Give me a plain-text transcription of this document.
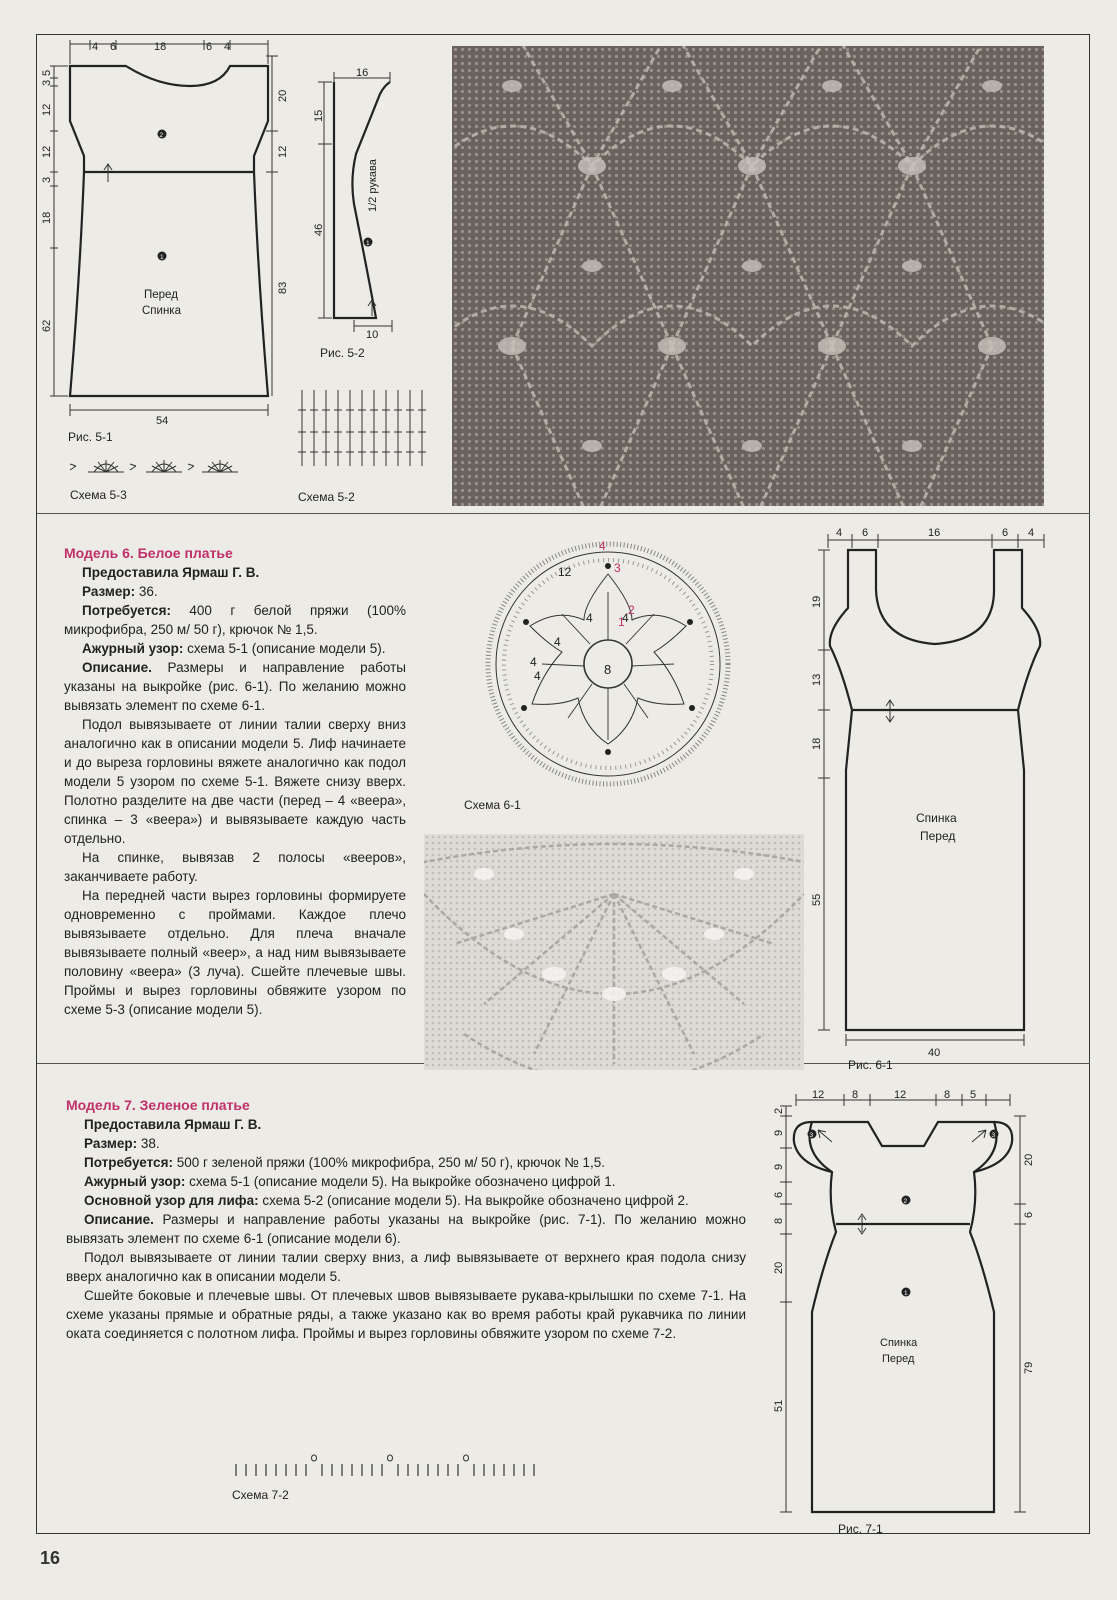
4 6	18	6 4
54
5
3
12
12
3
18
62
20
12
83
Перед
Спинка
2
1
Рис. 5-1
Схема 5-3
16
15
46
10
1/2 рукава
1
Рис. 5-2
Схема 5-2
Модель 6. Белое платье

Предоставила Ярмаш Г. В.

Размер: 36.

Потребуется: 400 г белой пряжи (100% микрофибра, 250 м/ 50 г), крючок № 1,5.

Ажурный узор: схема 5-1 (описание модели 5).

Описание. Размеры и направление работы указаны на выкройке (рис. 6-1). По желанию можно вывязать элемент по схеме 6-1.

Подол вывязываете от линии талии сверху вниз аналогично как в описании модели 5. Лиф начинаете и до выреза горловины вяжете аналогично как подол модели 5 узором по схеме 5-1. Вяжете снизу вверх. Полотно разделите на две части (перед – 4 «веера», спинка – 3 «веера») и вывязываете каждую часть отдельно.

На спинке, вывязав 2 полосы «вееров», заканчиваете работу.

На передней части вырез горловины формируете одновременно с проймами. Каждое плечо вывязываете отдельно. Для плеча вначале вывязываете полный «веер», а над ним вывязываете половину «веера» (3 луча). Сшейте плечевые швы. Проймы и вырез горловины обвяжите узором по схеме 5-3 (описание модели 5).

8
4 4
4
4
4
12
4
3
2
1
Схема 6-1
4 6	16	6 4
19
13
18
55
40
Спинка
Перед
Рис. 6-1
Модель 7. Зеленое платье

Предоставила Ярмаш Г. В.

Размер: 38.

Потребуется: 500 г зеленой пряжи (100% микрофибра, 250 м/ 50 г), крючок № 1,5.

Ажурный узор: схема 5-1 (описание модели 5). На выкройке обозначено цифрой 1.

Основной узор для лифа: схема 5-2 (описание модели 5). На выкройке обозначено цифрой 2.

Описание. Размеры и направление работы указаны на выкройке (рис. 7-1). По желанию можно вывязать элемент по схеме 6-1 (описание модели 6).

Подол вывязываете от линии талии сверху вниз, а лиф вывязываете от верхнего края подола снизу вверх аналогично как в описании модели 5.

Сшейте боковые и плечевые швы. От плечевых швов вывязываете рукава-крылышки по схеме 7-1. На схеме указаны прямые и обратные ряды, а также указано как во время работы край рукавчика по линии оката соединяется с полотном лифа. Проймы и вырез горловины обвяжите узором по схеме 7-2.

Схема 7-2
12	8	12	8 5
2
9
9
6
8
20
51
20
6
79
Спинка
Перед
3	3
2
1
Рис. 7-1
16
